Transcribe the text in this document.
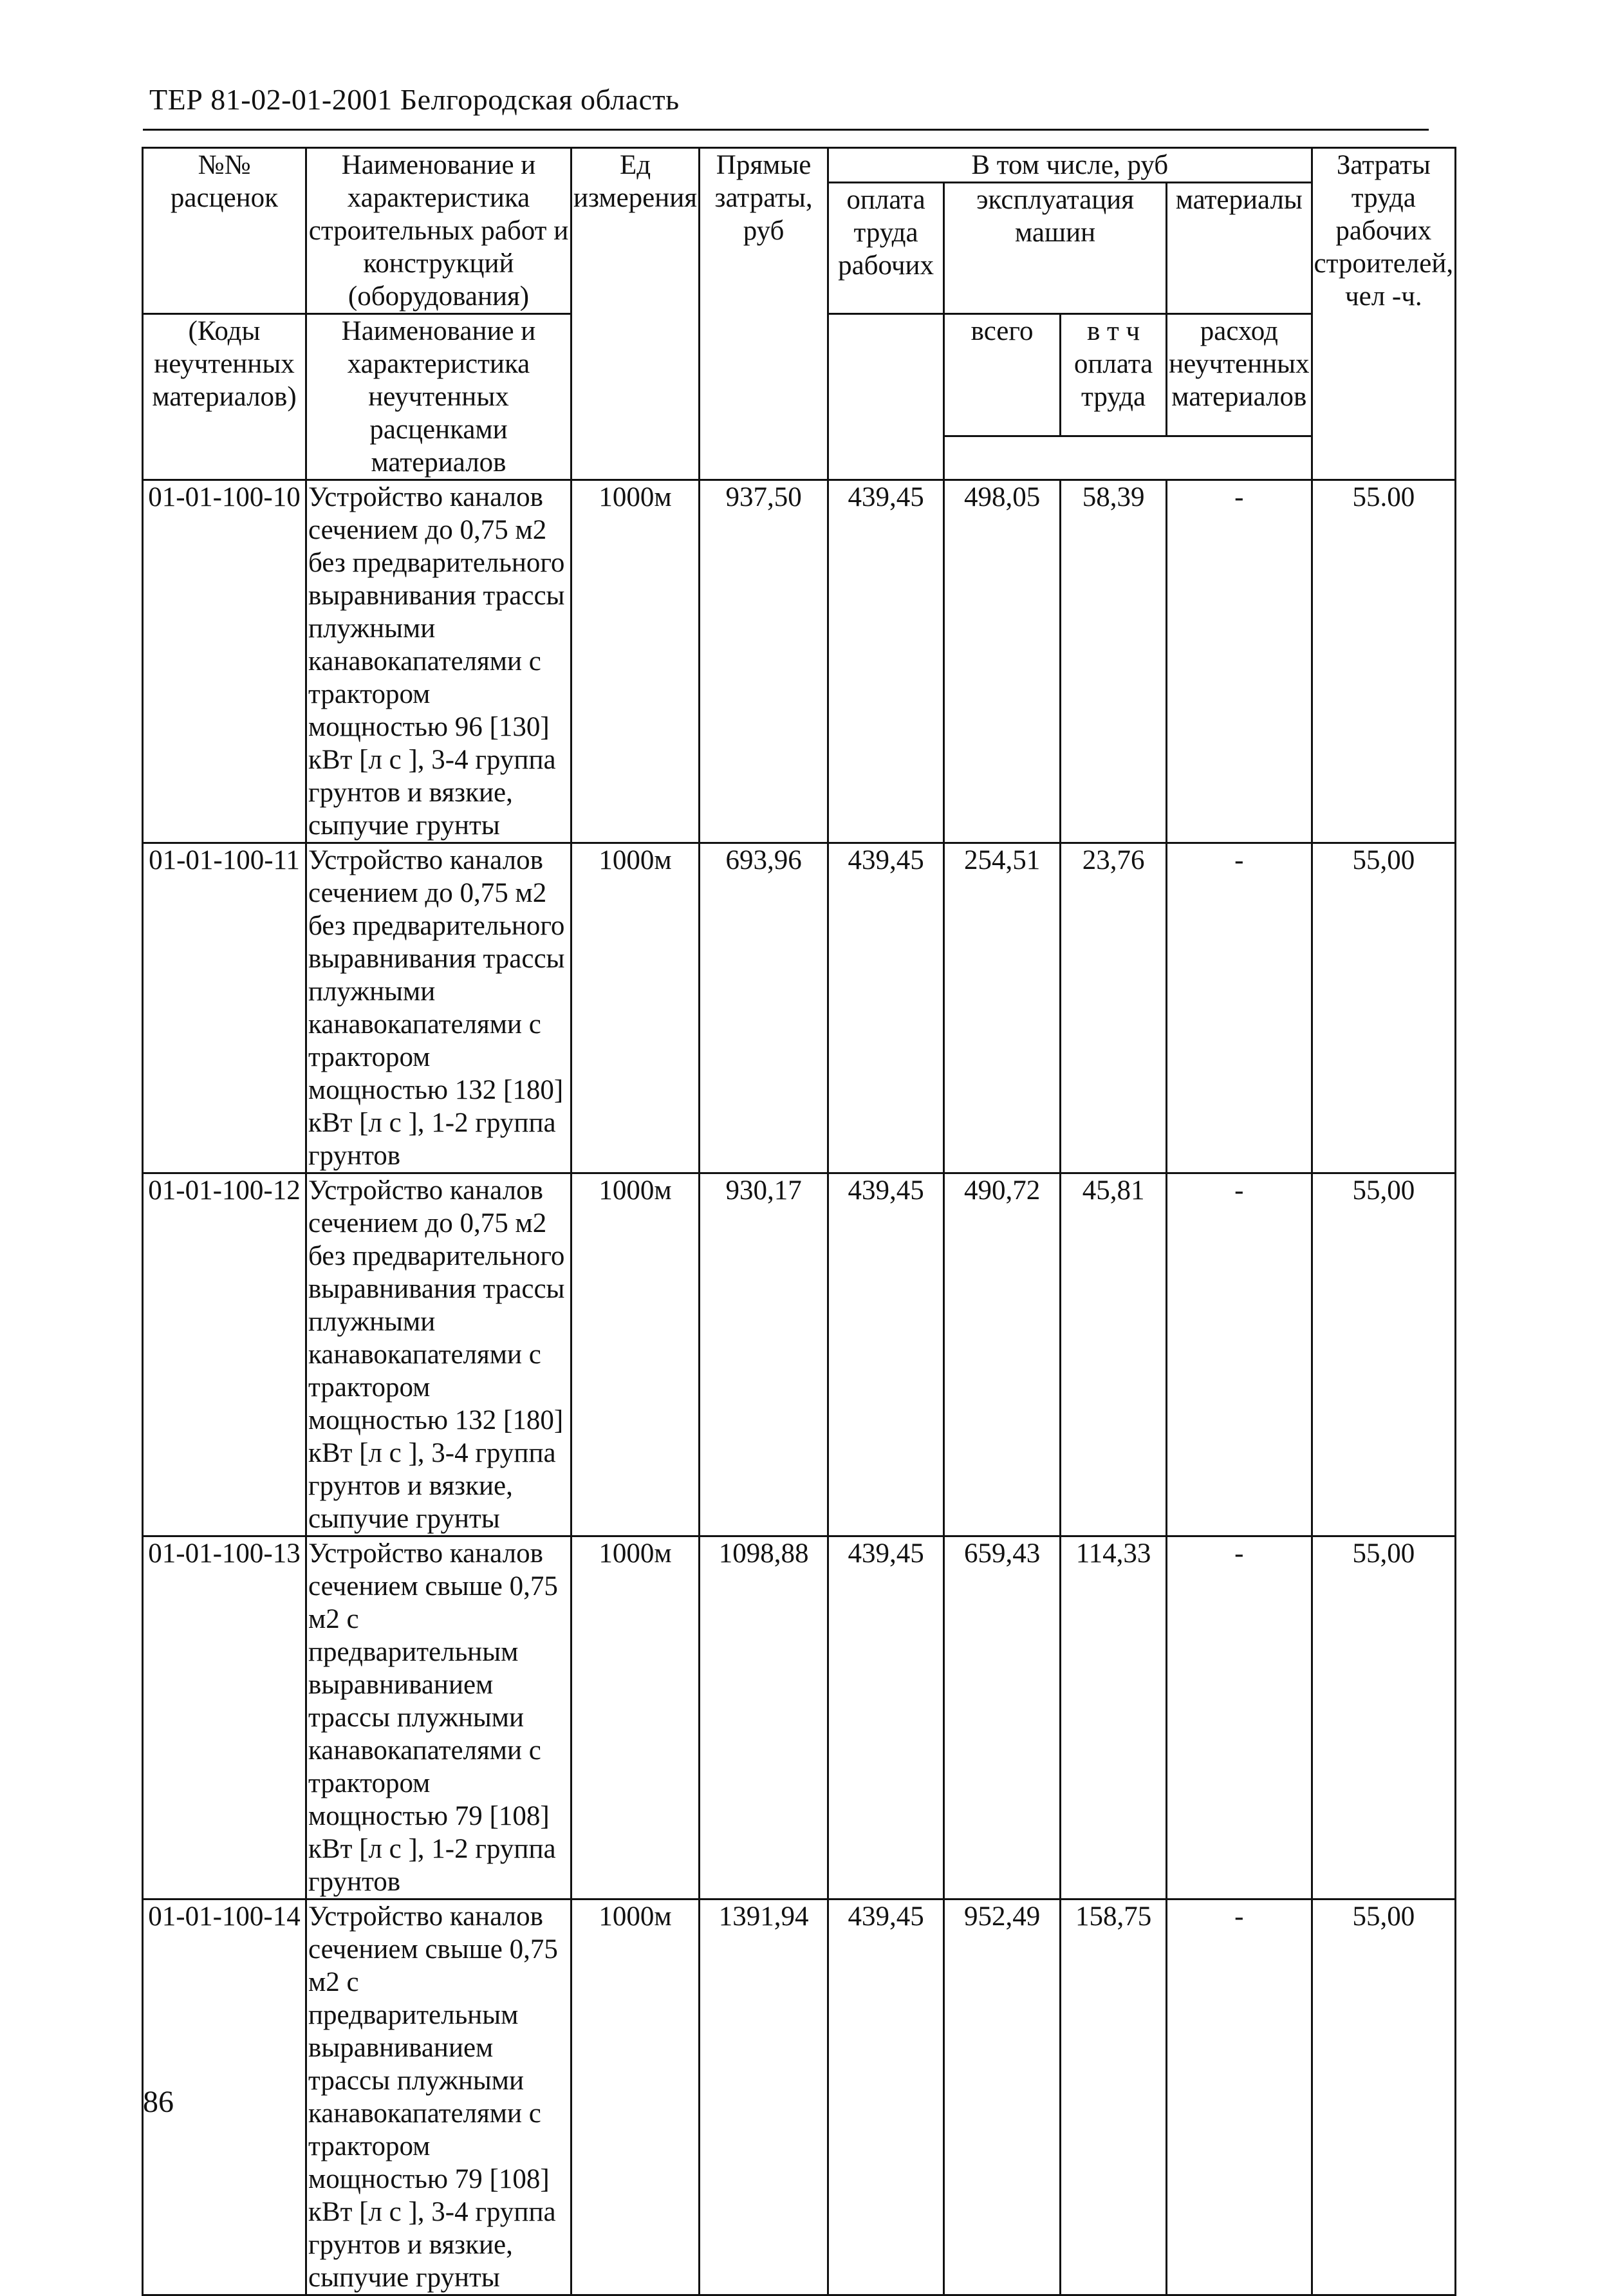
ТЕР 81-02-01-2001 Белгородская область
№№ расценок	Наименование и характеристика строительных работ и конструкций (оборудования)	Ед измерения	Прямые затраты, руб	В том числе, руб				Затраты труда рабочих строителей, чел -ч.
				оплата труда рабочих	эксплуатация машин		материалы	

(Коды неучтенных материалов)	Наименование и характеристика неучтенных расценками материалов				всего	в т ч оплата труда	расход неучтенных материалов	

01-01-100-10	Устройство каналов сечением до 0,75 м2 без предварительного выравнивания трассы плужными канавокапателями с трактором мощностью 96 [130] кВт [л с ], 3-4 группа грунтов и вязкие, сыпучие грунты	1000м	937,50	439,45	498,05	58,39	-	55.00
01-01-100-11	Устройство каналов сечением до 0,75 м2 без предварительного выравнивания трассы плужными канавокапателями с трактором мощностью 132 [180] кВт [л с ], 1-2 группа грунтов	1000м	693,96	439,45	254,51	23,76	-	55,00
01-01-100-12	Устройство каналов сечением до 0,75 м2 без предварительного выравнивания трассы плужными канавокапателями с трактором мощностью 132 [180] кВт [л с ], 3-4 группа грунтов и вязкие, сыпучие грунты	1000м	930,17	439,45	490,72	45,81	-	55,00
01-01-100-13	Устройство каналов сечением свыше 0,75 м2 с предварительным выравниванием трассы плужными канавокапателями с трактором мощностью 79 [108] кВт [л с ], 1-2 группа грунтов	1000м	1098,88	439,45	659,43	114,33	-	55,00
01-01-100-14	Устройство каналов сечением свыше 0,75 м2 с предварительным выравниванием трассы плужными канавокапателями с трактором мощностью 79 [108] кВт [л с ], 3-4 группа грунтов и вязкие, сыпучие грунты	1000м	1391,94	439,45	952,49	158,75	-	55,00
86
